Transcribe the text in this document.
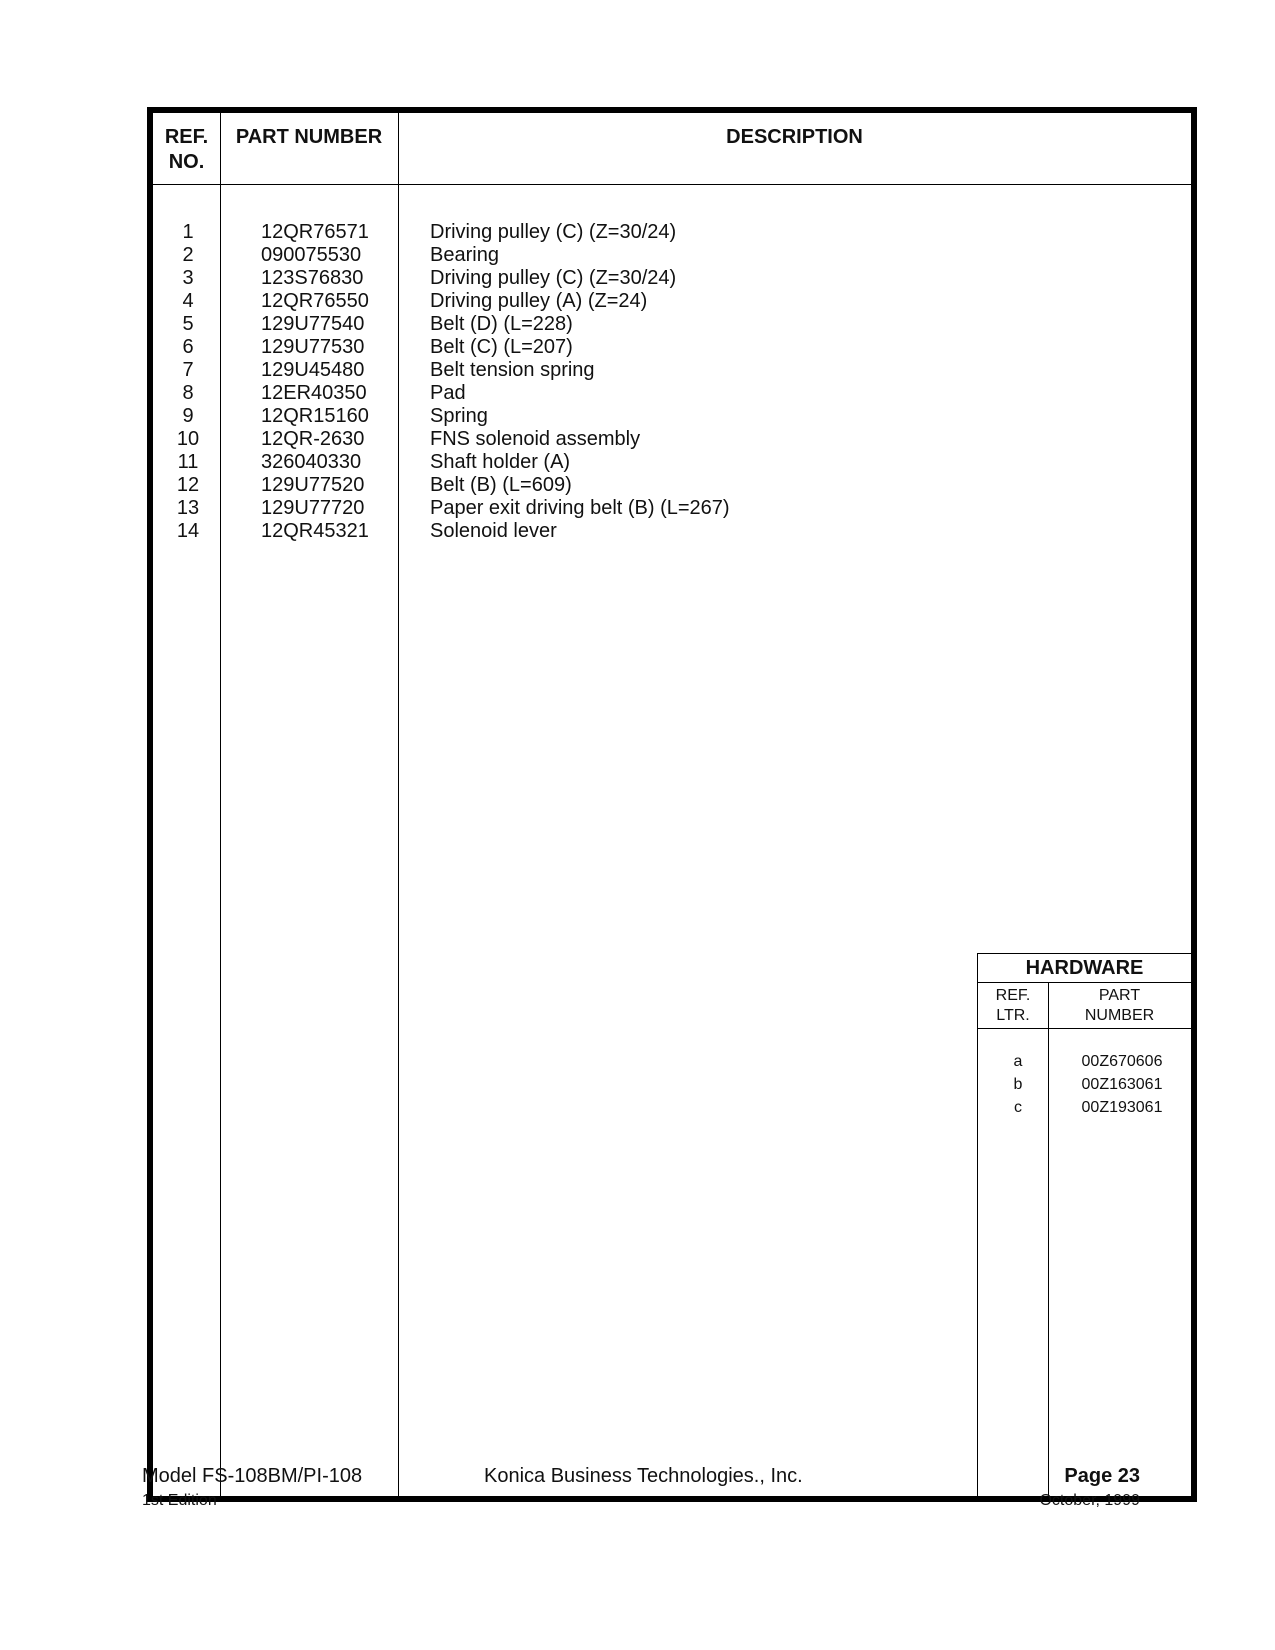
REF.
NO.
PART NUMBER	DESCRIPTION
1	12QR76571	Driving pulley (C) (Z=30/24)
2	090075530	Bearing
3	123S76830	Driving pulley (C) (Z=30/24)
4	12QR76550	Driving pulley (A) (Z=24)
5	129U77540	Belt (D) (L=228)
6	129U77530	Belt (C) (L=207)
7	129U45480	Belt tension spring
8	12ER40350	Pad
9	12QR15160	Spring
10	12QR-2630	FNS solenoid assembly
11	326040330	Shaft holder (A)
12	129U77520	Belt (B) (L=609)
13	129U77720	Paper exit driving belt (B) (L=267)
14	12QR45321	Solenoid lever
HARDWARE
REF.
LTR.
PART
NUMBER
a	00Z670606
b	00Z163061
c	00Z193061
Model FS-108BM/PI-108
1st Edition
Konica Business Technologies., Inc.	Page 23
October, 1999
